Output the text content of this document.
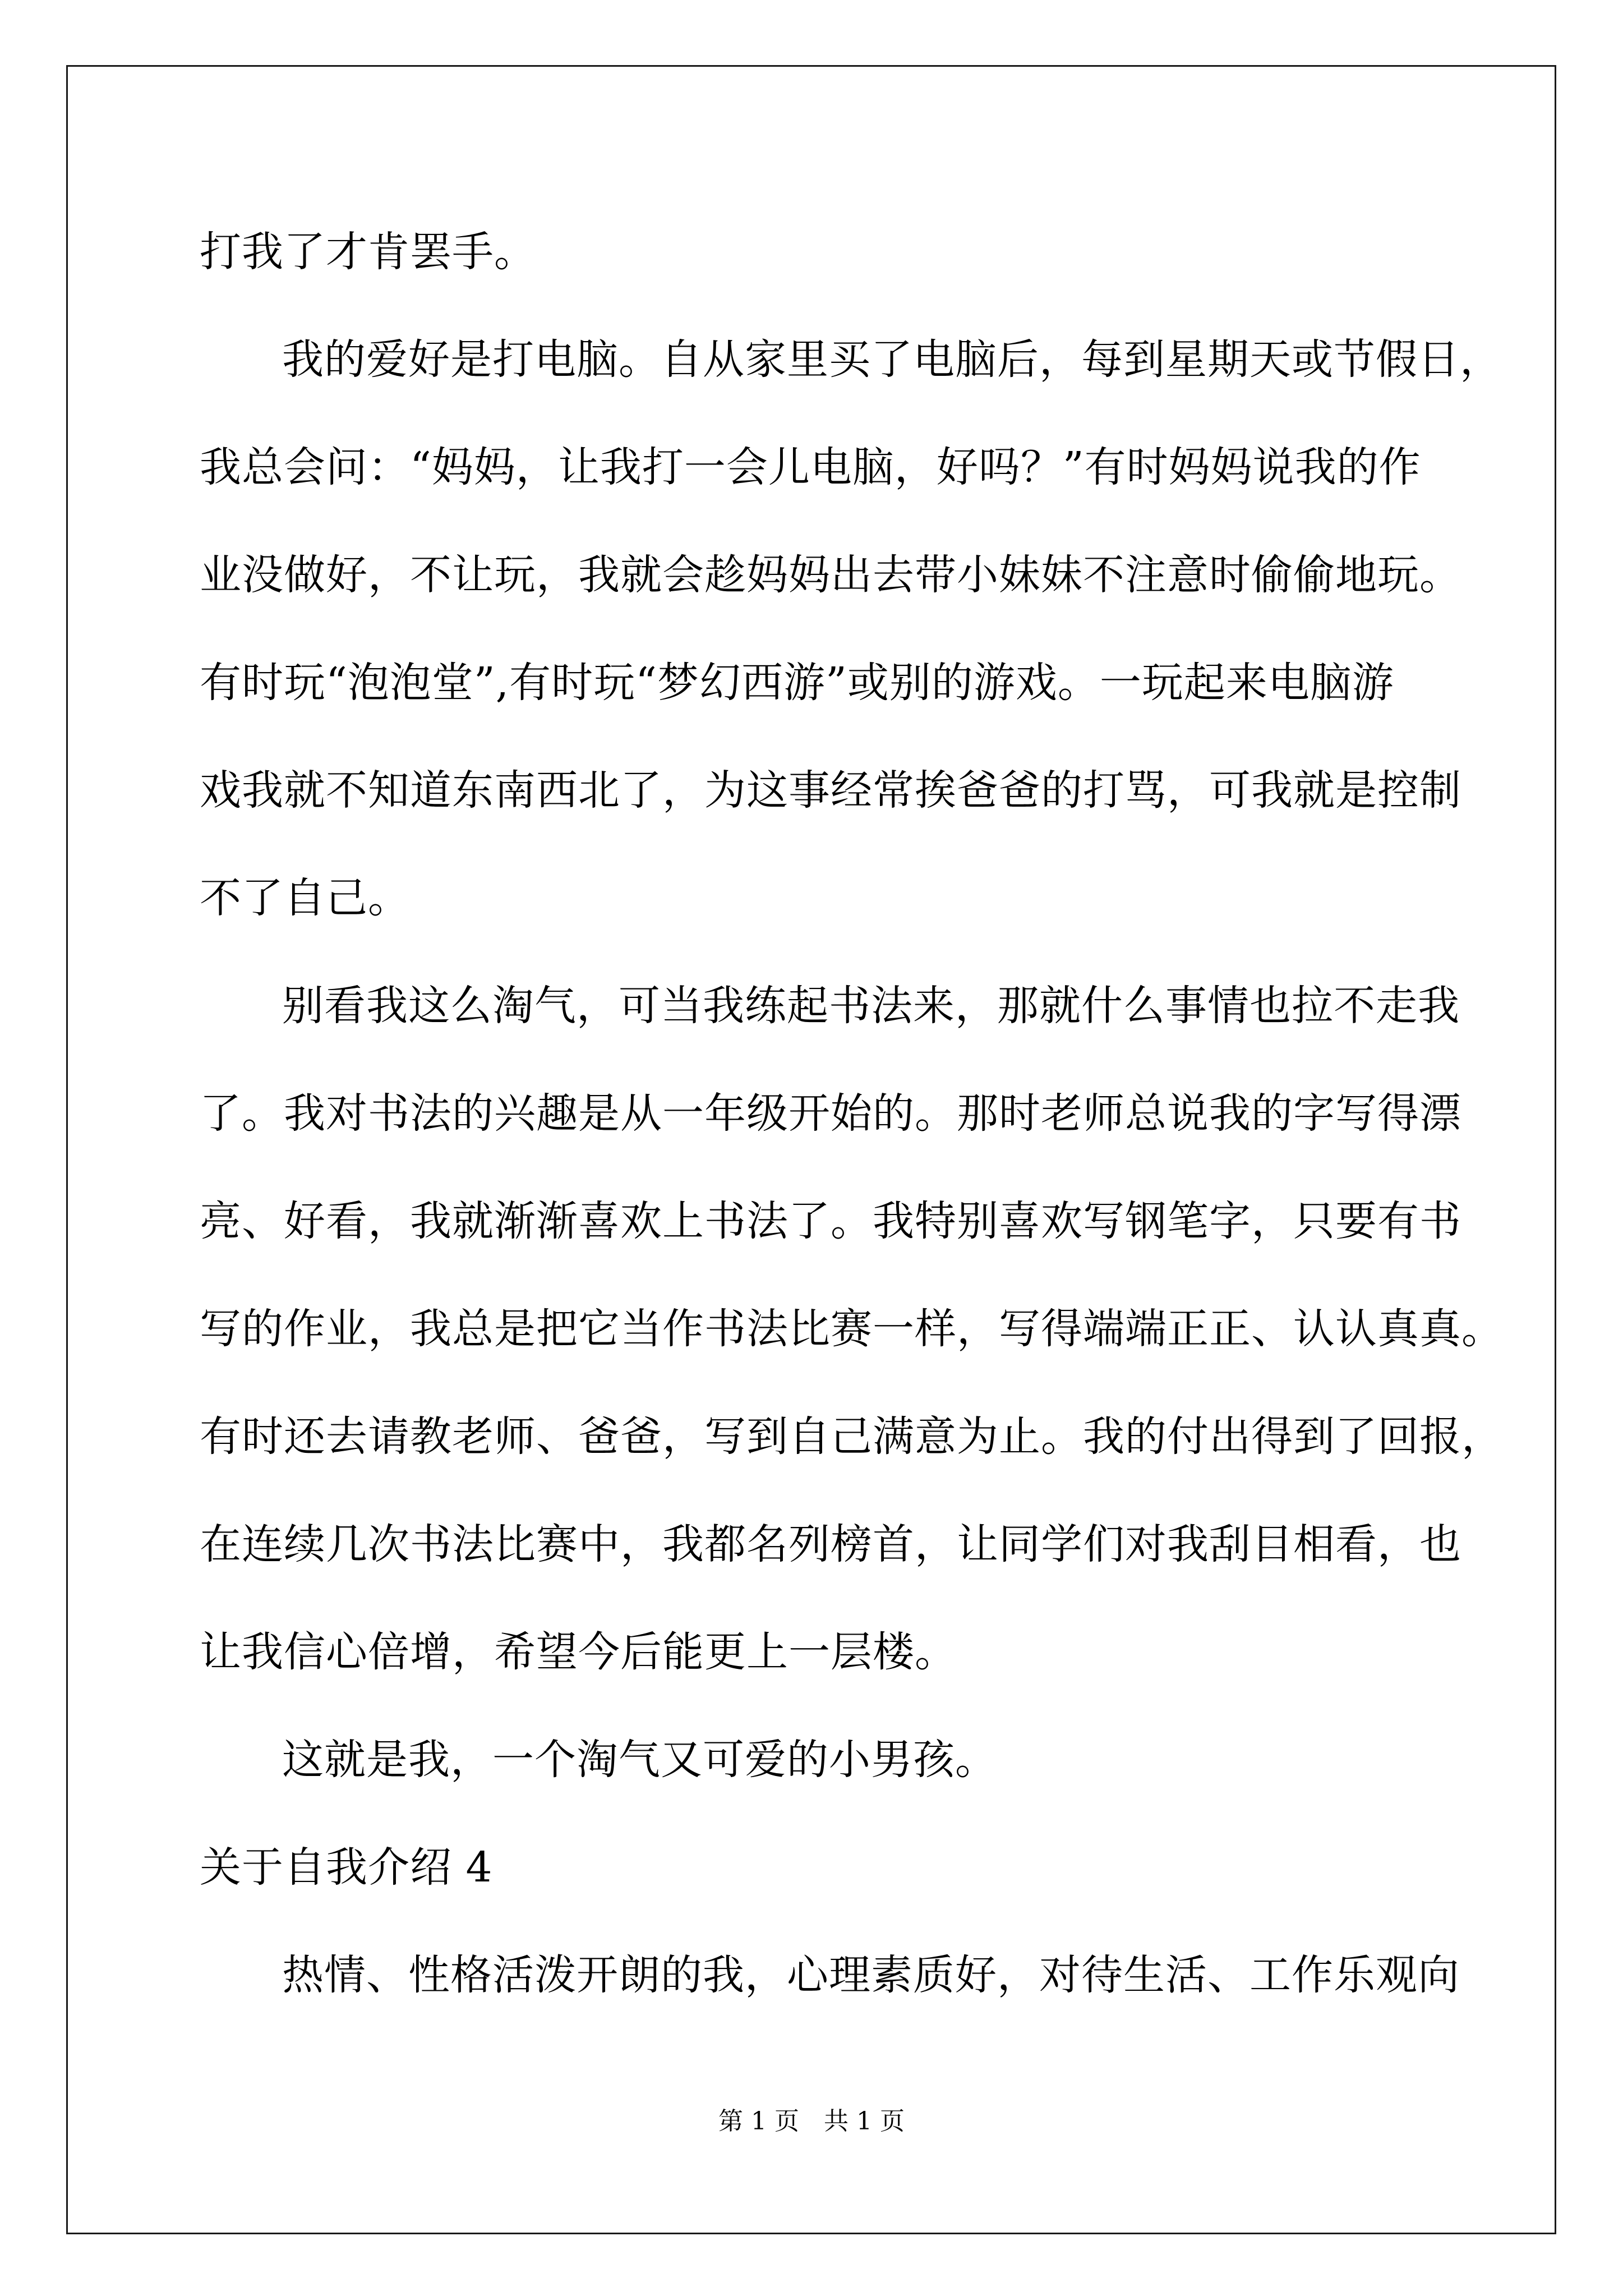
打我了才肯罢手。
我的爱好是打电脑。自从家里买了电脑后，每到星期天或节假日，
我总会问：“妈妈，让我打一会儿电脑，好吗？”有时妈妈说我的作
业没做好，不让玩，我就会趁妈妈出去带小妹妹不注意时偷偷地玩。
有时玩“泡泡堂”,有时玩“梦幻西游”或别的游戏。一玩起来电脑游
戏我就不知道东南西北了，为这事经常挨爸爸的打骂，可我就是控制
不了自己。
别看我这么淘气，可当我练起书法来，那就什么事情也拉不走我
了。我对书法的兴趣是从一年级开始的。那时老师总说我的字写得漂
亮、好看，我就渐渐喜欢上书法了。我特别喜欢写钢笔字，只要有书
写的作业，我总是把它当作书法比赛一样，写得端端正正、认认真真。
有时还去请教老师、爸爸，写到自己满意为止。我的付出得到了回报，
在连续几次书法比赛中，我都名列榜首，让同学们对我刮目相看，也
让我信心倍增，希望今后能更上一层楼。
这就是我，一个淘气又可爱的小男孩。
关于自我介绍 4
热情、性格活泼开朗的我，心理素质好，对待生活、工作乐观向
第 1 页　共 1 页
